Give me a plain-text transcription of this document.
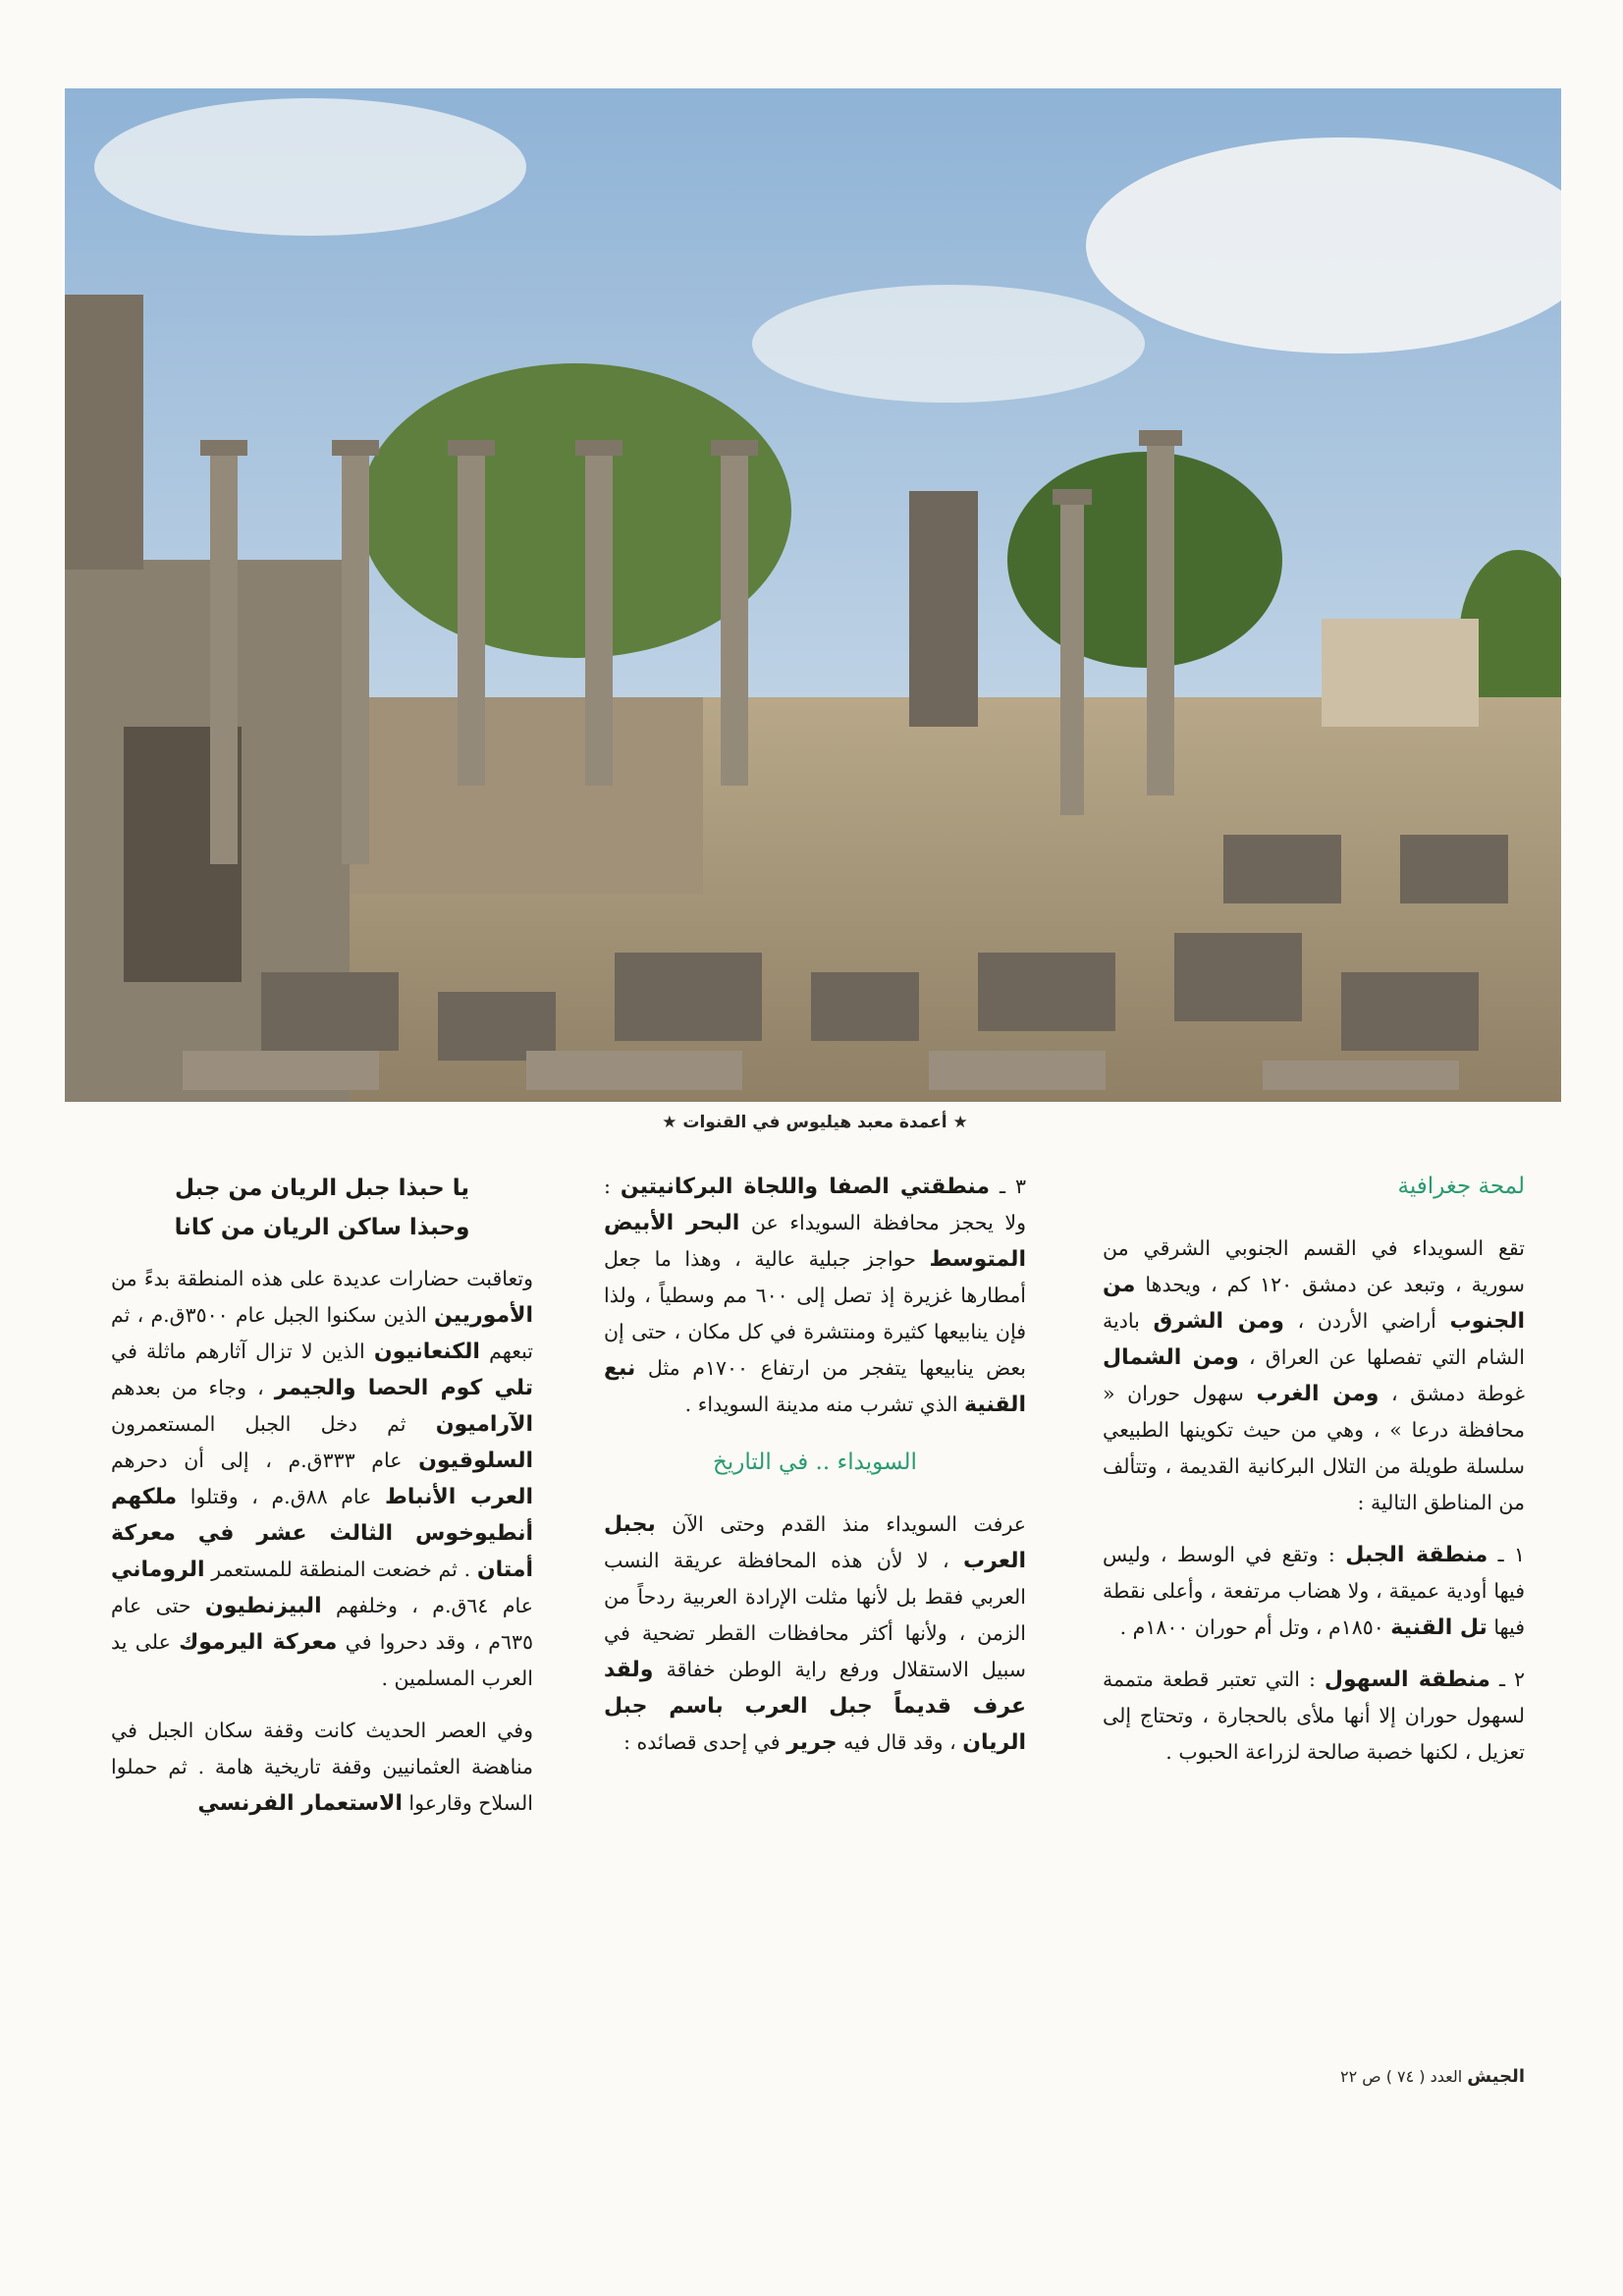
★ أعمدة معبد هيليوس في القنوات ★
لمحة جغرافية

تقع السويداء في القسم الجنوبي الشرقي من سورية ، وتبعد عن دمشق ١٢٠ كم ، ويحدها من الجنوب أراضي الأردن ، ومن الشرق بادية الشام التي تفصلها عن العراق ، ومن الشمال غوطة دمشق ، ومن الغرب سهول حوران « محافظة درعا » ، وهي من حيث تكوينها الطبيعي سلسلة طويلة من التلال البركانية القديمة ، وتتألف من المناطق التالية :

١ ـ منطقة الجبل : وتقع في الوسط ، وليس فيها أودية عميقة ، ولا هضاب مرتفعة ، وأعلى نقطة فيها تل القنية ١٨٥٠م ، وتل أم حوران ١٨٠٠م .

٢ ـ منطقة السهول : التي تعتبر قطعة متممة لسهول حوران إلا أنها ملأى بالحجارة ، وتحتاج إلى تعزيل ، لكنها خصبة صالحة لزراعة الحبوب .

٣ ـ منطقتي الصفا واللجاة البركانيتين : ولا يحجز محافظة السويداء عن البحر الأبيض المتوسط حواجز جبلية عالية ، وهذا ما جعل أمطارها غزيرة إذ تصل إلى ٦٠٠ مم وسطياً ، ولذا فإن ينابيعها كثيرة ومنتشرة في كل مكان ، حتى إن بعض ينابيعها يتفجر من ارتفاع ١٧٠٠م مثل نبع القنية الذي تشرب منه مدينة السويداء .

السويداء .. في التاريخ

عرفت السويداء منذ القدم وحتى الآن بجبل العرب ، لا لأن هذه المحافظة عريقة النسب العربي فقط بل لأنها مثلت الإرادة العربية ردحاً من الزمن ، ولأنها أكثر محافظات القطر تضحية في سبيل الاستقلال ورفع راية الوطن خفاقة ولقد عرف قديماً جبل العرب باسم جبل الريان ، وقد قال فيه جرير في إحدى قصائده :

يا حبذا جبل الريان من جبل
وحبذا ساكن الريان من كانا

وتعاقبت حضارات عديدة على هذه المنطقة بدءً من الأموريين الذين سكنوا الجبل عام ٣٥٠٠ق.م ، ثم تبعهم الكنعانيون الذين لا تزال آثارهم ماثلة في تلي كوم الحصا والجيمر ، وجاء من بعدهم الآراميون ثم دخل الجبل المستعمرون السلوقيون عام ٣٣٣ق.م ، إلى أن دحرهم العرب الأنباط عام ٨٨ق.م ، وقتلوا ملكهم أنطيوخوس الثالث عشر في معركة أمتان . ثم خضعت المنطقة للمستعمر الروماني عام ٦٤ق.م ، وخلفهم البيزنطيون حتى عام ٦٣٥م ، وقد دحروا في معركة اليرموك على يد العرب المسلمين .

وفي العصر الحديث كانت وقفة سكان الجبل في مناهضة العثمانيين وقفة تاريخية هامة . ثم حملوا السلاح وقارعوا الاستعمار الفرنسي

الجيش العدد ( ٧٤ ) ص ٢٢
